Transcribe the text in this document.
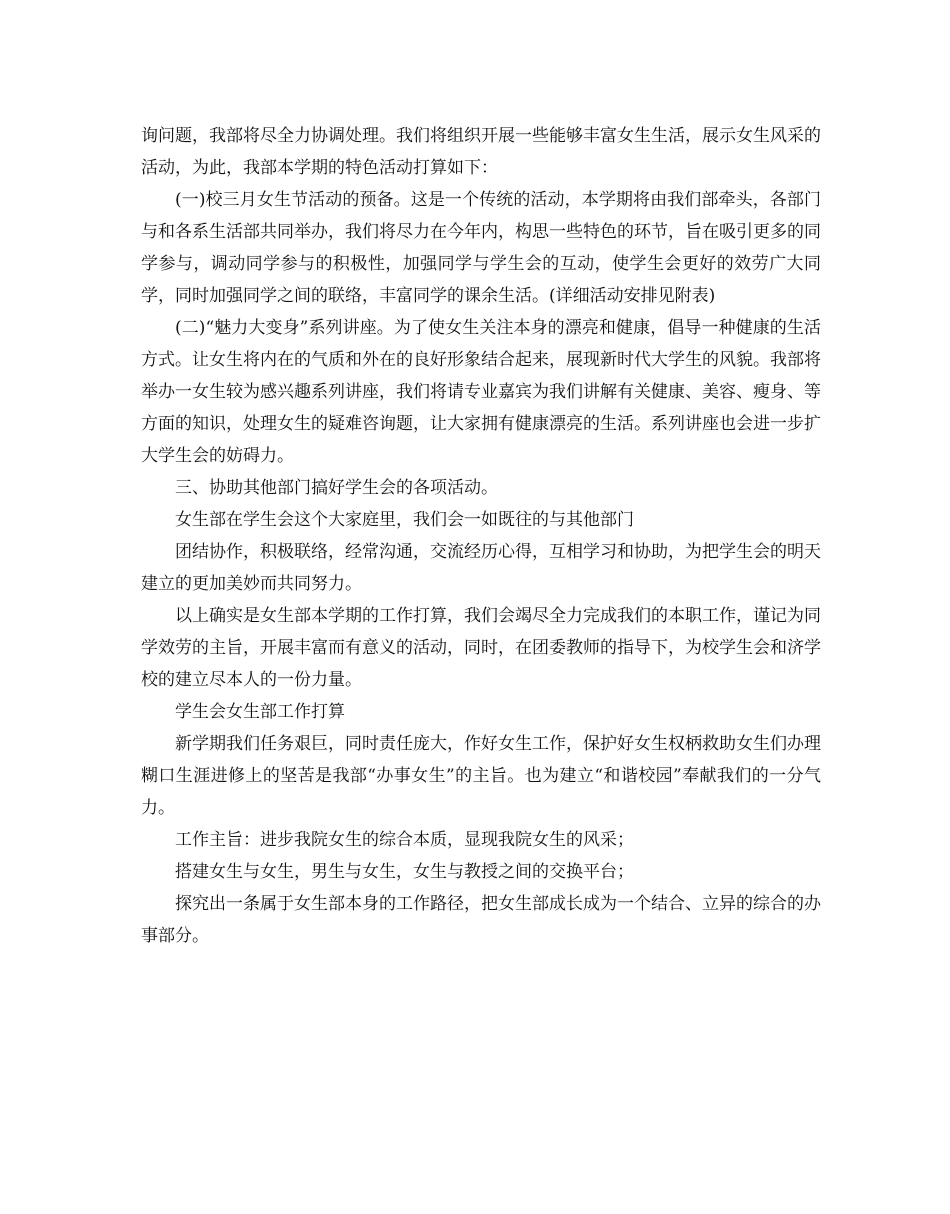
询问题，我部将尽全力协调处理。我们将组织开展一些能够丰富女生生活，展示女生风采的活动，为此，我部本学期的特色活动打算如下：

(一)校三月女生节活动的预备。这是一个传统的活动，本学期将由我们部牵头，各部门与和各系生活部共同举办，我们将尽力在今年内，构思一些特色的环节，旨在吸引更多的同学参与，调动同学参与的积极性，加强同学与学生会的互动，使学生会更好的效劳广大同学，同时加强同学之间的联络，丰富同学的课余生活。(详细活动安排见附表)

(二)“魅力大变身”系列讲座。为了使女生关注本身的漂亮和健康，倡导一种健康的生活方式。让女生将内在的气质和外在的良好形象结合起来，展现新时代大学生的风貌。我部将举办一女生较为感兴趣系列讲座，我们将请专业嘉宾为我们讲解有关健康、美容、瘦身、等方面的知识，处理女生的疑难咨询题，让大家拥有健康漂亮的生活。系列讲座也会进一步扩大学生会的妨碍力。

三、协助其他部门搞好学生会的各项活动。

女生部在学生会这个大家庭里，我们会一如既往的与其他部门

团结协作，积极联络，经常沟通，交流经历心得，互相学习和协助，为把学生会的明天建立的更加美妙而共同努力。

以上确实是女生部本学期的工作打算，我们会竭尽全力完成我们的本职工作，谨记为同学效劳的主旨，开展丰富而有意义的活动，同时，在团委教师的指导下，为校学生会和济学校的建立尽本人的一份力量。

学生会女生部工作打算

新学期我们任务艰巨，同时责任庞大，作好女生工作，保护好女生权柄救助女生们办理糊口生涯进修上的坚苦是我部“办事女生”的主旨。也为建立“和谐校园”奉献我们的一分气力。

工作主旨：进步我院女生的综合本质，显现我院女生的风采；

搭建女生与女生，男生与女生，女生与教授之间的交换平台；

探究出一条属于女生部本身的工作路径，把女生部成长成为一个结合、立异的综合的办事部分。
